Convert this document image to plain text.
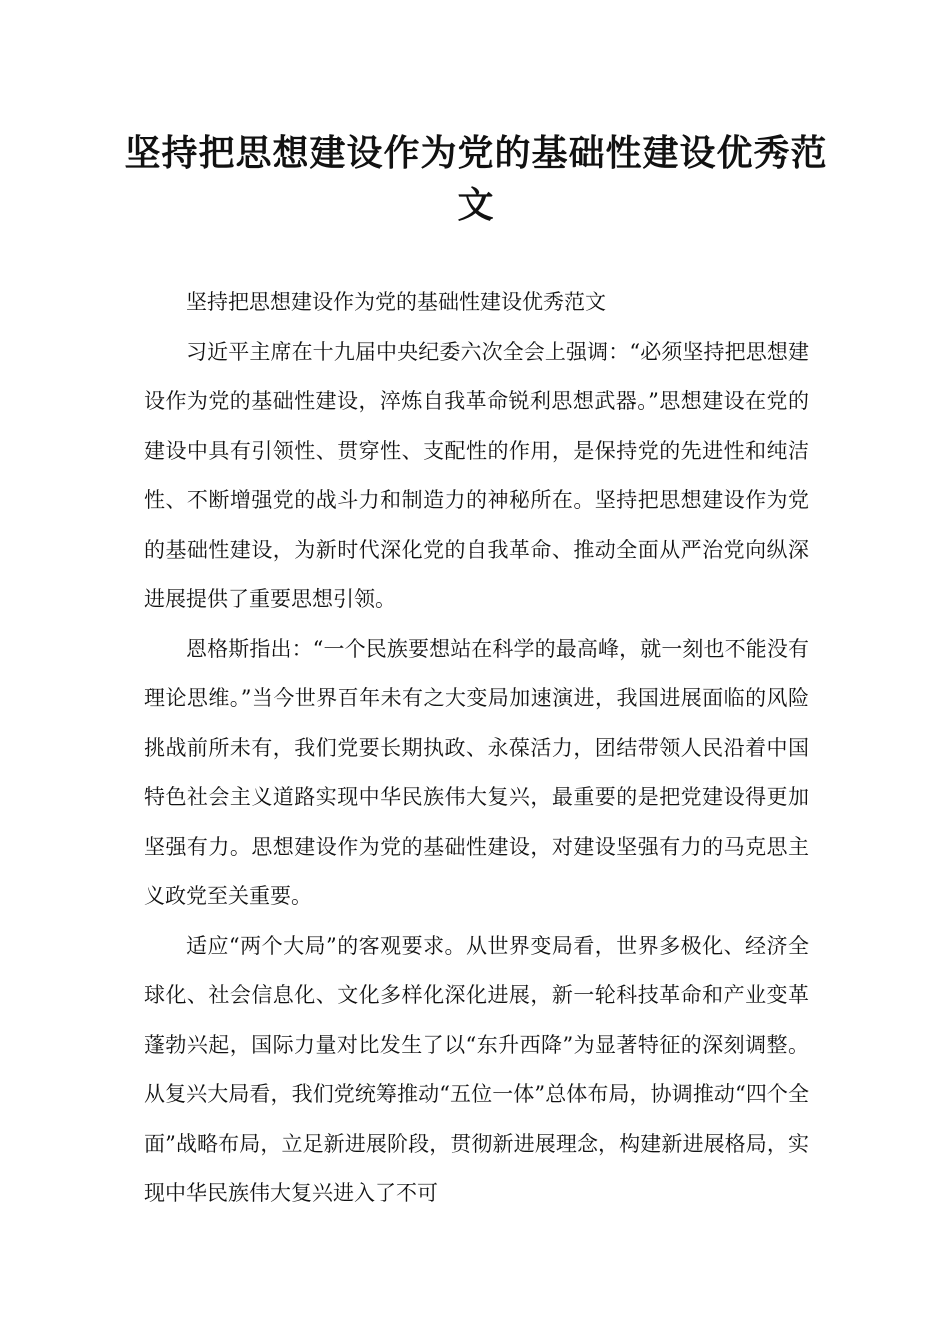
坚持把思想建设作为党的基础性建设优秀范文

坚持把思想建设作为党的基础性建设优秀范文

习近平主席在十九届中央纪委六次全会上强调：“必须坚持把思想建设作为党的基础性建设，淬炼自我革命锐利思想武器。”思想建设在党的建设中具有引领性、贯穿性、支配性的作用，是保持党的先进性和纯洁性、不断增强党的战斗力和制造力的神秘所在。坚持把思想建设作为党的基础性建设，为新时代深化党的自我革命、推动全面从严治党向纵深进展提供了重要思想引领。

恩格斯指出：“一个民族要想站在科学的最高峰，就一刻也不能没有理论思维。”当今世界百年未有之大变局加速演进，我国进展面临的风险挑战前所未有，我们党要长期执政、永葆活力，团结带领人民沿着中国特色社会主义道路实现中华民族伟大复兴，最重要的是把党建设得更加坚强有力。思想建设作为党的基础性建设，对建设坚强有力的马克思主义政党至关重要。

适应“两个大局”的客观要求。从世界变局看，世界多极化、经济全球化、社会信息化、文化多样化深化进展，新一轮科技革命和产业变革蓬勃兴起，国际力量对比发生了以“东升西降”为显著特征的深刻调整。从复兴大局看，我们党统筹推动“五位一体”总体布局，协调推动“四个全面”战略布局，立足新进展阶段，贯彻新进展理念，构建新进展格局，实现中华民族伟大复兴进入了不可
